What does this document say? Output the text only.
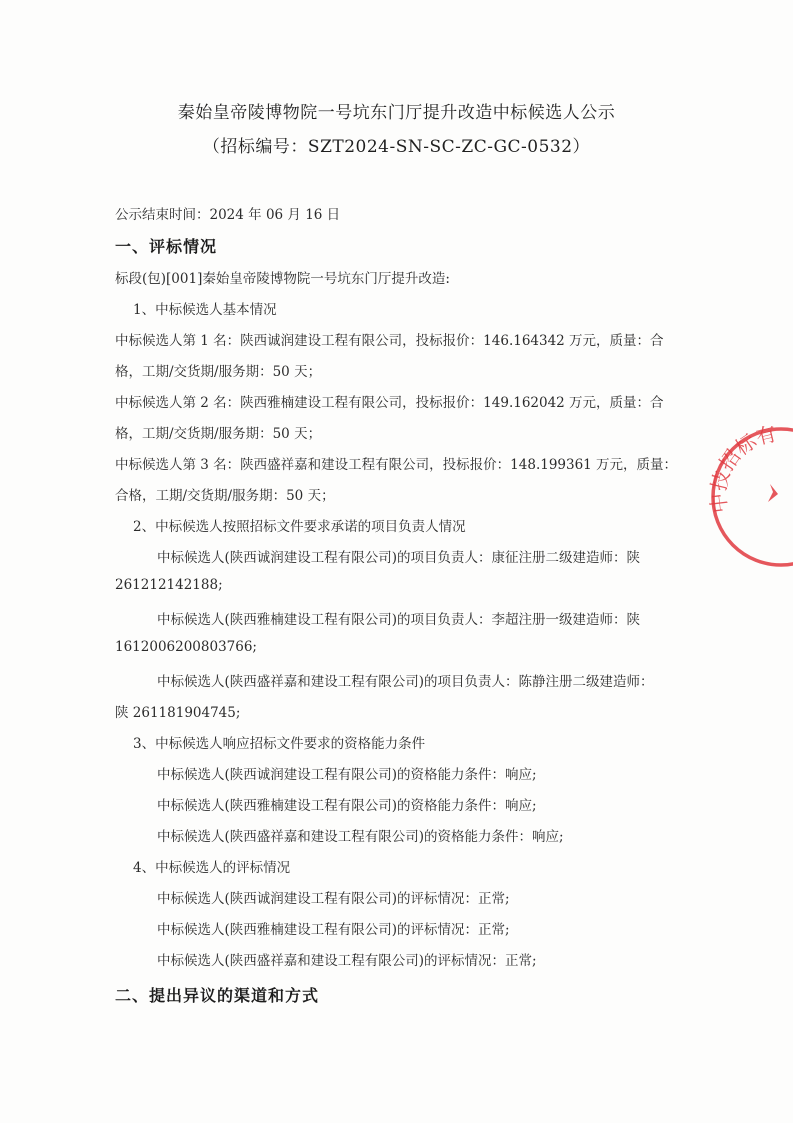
秦始皇帝陵博物院一号坑东门厅提升改造中标候选人公示
（招标编号：SZT2024-SN-SC-ZC-GC-0532）
公示结束时间：2024 年 06 月 16 日
一、评标情况
标段(包)[001]秦始皇帝陵博物院一号坑东门厅提升改造:
1、中标候选人基本情况
中标候选人第 1 名：陕西诚润建设工程有限公司，投标报价：146.164342 万元，质量：合
格，工期/交货期/服务期：50 天；
中标候选人第 2 名：陕西雅楠建设工程有限公司，投标报价：149.162042 万元，质量：合
格，工期/交货期/服务期：50 天；
中标候选人第 3 名：陕西盛祥嘉和建设工程有限公司，投标报价：148.199361 万元，质量：
合格，工期/交货期/服务期：50 天；
2、中标候选人按照招标文件要求承诺的项目负责人情况
中标候选人(陕西诚润建设工程有限公司)的项目负责人：康征注册二级建造师：陕
261212142188;
中标候选人(陕西雅楠建设工程有限公司)的项目负责人：李超注册一级建造师：陕
1612006200803766;
中标候选人(陕西盛祥嘉和建设工程有限公司)的项目负责人：陈静注册二级建造师：
陕 261181904745;
3、中标候选人响应招标文件要求的资格能力条件
中标候选人(陕西诚润建设工程有限公司)的资格能力条件：响应;
中标候选人(陕西雅楠建设工程有限公司)的资格能力条件：响应;
中标候选人(陕西盛祥嘉和建设工程有限公司)的资格能力条件：响应;
4、中标候选人的评标情况
中标候选人(陕西诚润建设工程有限公司)的评标情况：正常;
中标候选人(陕西雅楠建设工程有限公司)的评标情况：正常;
中标候选人(陕西盛祥嘉和建设工程有限公司)的评标情况：正常;
二、提出异议的渠道和方式
中技招标有
